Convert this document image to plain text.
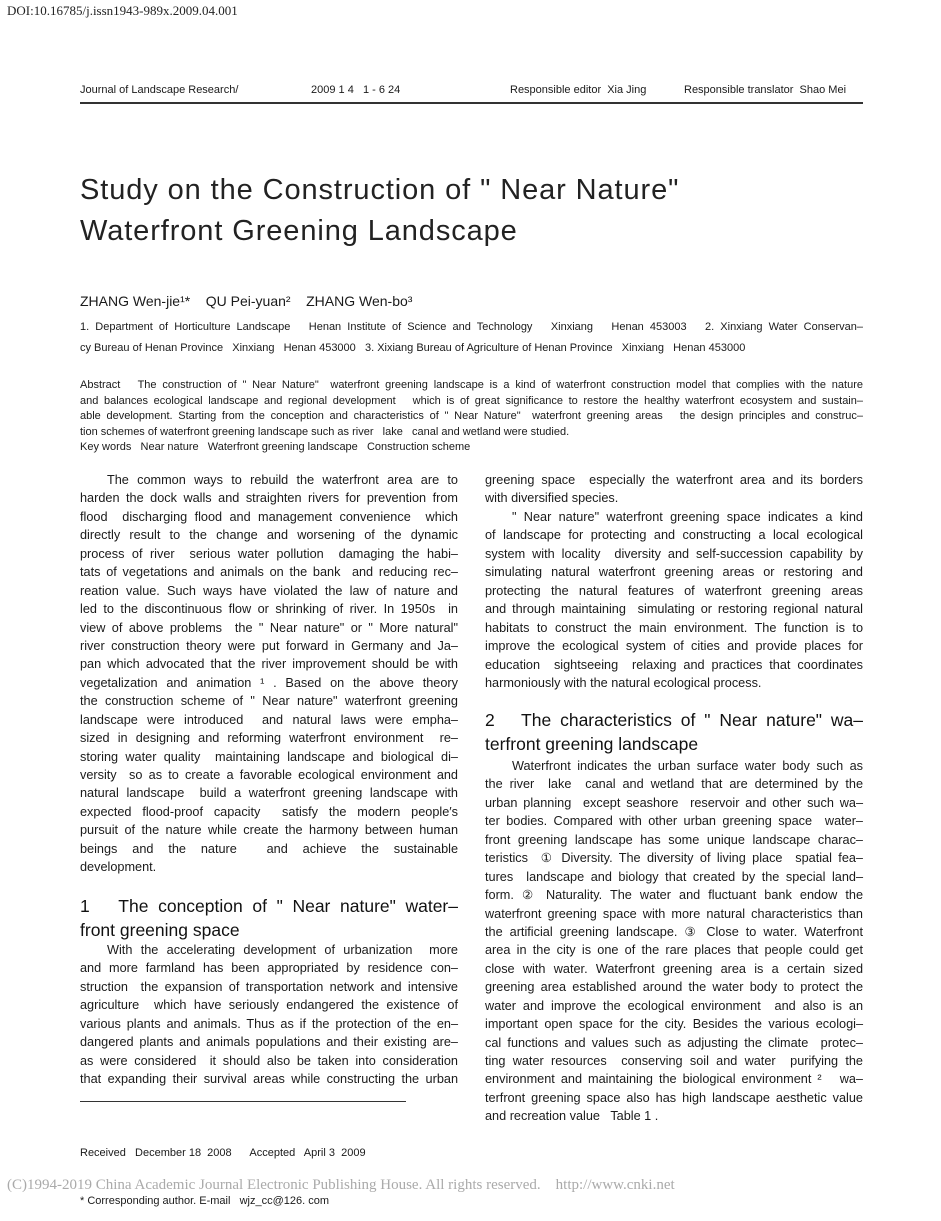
DOI:10.16785/j.issn1943-989x.2009.04.001
Journal of Landscape Research/	2009 1 4   1 - 6 24	Responsible editor  Xia Jing	Responsible translator  Shao Mei
Study on the Construction of " Near Nature"
Waterfront Greening Landscape
ZHANG Wen-jie¹*    QU Pei-yuan²    ZHANG Wen-bo³
1. Department of Horticulture Landscape   Henan Institute of Science and Technology   Xinxiang   Henan 453003   2. Xinxiang Water Conservan–
cy Bureau of Henan Province   Xinxiang   Henan 453000   3. Xixiang Bureau of Agriculture of Henan Province   Xinxiang   Henan 453000
Abstract   The construction of " Near Nature"  waterfront greening landscape is a kind of waterfront construction model that complies with the nature
and balances ecological landscape and regional development   which is of great significance to restore the healthy waterfront ecosystem and sustain–
able development. Starting from the conception and characteristics of " Near Nature"  waterfront greening areas   the design principles and construc–
tion schemes of waterfront greening landscape such as river   lake   canal and wetland were studied.
Key words   Near nature   Waterfront greening landscape   Construction scheme
The common ways to rebuild the waterfront area are to
harden the dock walls and straighten rivers for prevention from
flood  discharging flood and management convenience  which
directly result to the change and worsening of the dynamic
process of river  serious water pollution  damaging the habi–
tats of vegetations and animals on the bank  and reducing rec–
reation value. Such ways have violated the law of nature and
led to the discontinuous flow or shrinking of river. In 1950s  in
view of above problems  the " Near nature" or " More natural"
river construction theory were put forward in Germany and Ja–
pan which advocated that the river improvement should be with
vegetalization and animation ¹ . Based on the above theory
the construction scheme of " Near nature" waterfront greening
landscape were introduced  and natural laws were empha–
sized in designing and reforming waterfront environment  re–
storing water quality  maintaining landscape and biological di–
versity  so as to create a favorable ecological environment and
natural landscape  build a waterfront greening landscape with
expected flood-proof capacity  satisfy the modern people′s
pursuit of the nature while create the harmony between human
beings and the nature  and achieve the sustainable
development.
1   The conception of " Near nature" water–
front greening space
With the accelerating development of urbanization  more
and more farmland has been appropriated by residence con–
struction  the expansion of transportation network and intensive
agriculture  which have seriously endangered the existence of
various plants and animals. Thus as if the protection of the en–
dangered plants and animals populations and their existing are–
as were considered  it should also be taken into consideration
that expanding their survival areas while constructing the urban
greening space  especially the waterfront area and its borders
with diversified species.
" Near nature" waterfront greening space indicates a kind
of landscape for protecting and constructing a local ecological
system with locality  diversity and self-succession capability by
simulating natural waterfront greening areas or restoring and
protecting the natural features of waterfront greening areas
and through maintaining  simulating or restoring regional natural
habitats to construct the main environment. The function is to
improve the ecological system of cities and provide places for
education  sightseeing  relaxing and practices that coordinates
harmoniously with the natural ecological process.
2   The characteristics of " Near nature" wa–
terfront greening landscape
Waterfront indicates the urban surface water body such as
the river  lake  canal and wetland that are determined by the
urban planning  except seashore  reservoir and other such wa–
ter bodies. Compared with other urban greening space  water–
front greening landscape has some unique landscape charac–
teristics  ① Diversity. The diversity of living place  spatial fea–
tures  landscape and biology that created by the special land–
form. ② Naturality. The water and fluctuant bank endow the
waterfront greening space with more natural characteristics than
the artificial greening landscape. ③ Close to water. Waterfront
area in the city is one of the rare places that people could get
close with water. Waterfront greening area is a certain sized
greening area established around the water body to protect the
water and improve the ecological environment  and also is an
important open space for the city. Besides the various ecologi–
cal functions and values such as adjusting the climate  protec–
ting water resources  conserving soil and water  purifying the
environment and maintaining the biological environment ²   wa–
terfront greening space also has high landscape aesthetic value
and recreation value   Table 1 .

Received   December 18  2008      Accepted   April 3  2009

* Corresponding author. E-mail   wjz_cc@126. com

(C)1994-2019 China Academic Journal Electronic Publishing House. All rights reserved.    http://www.cnki.net
